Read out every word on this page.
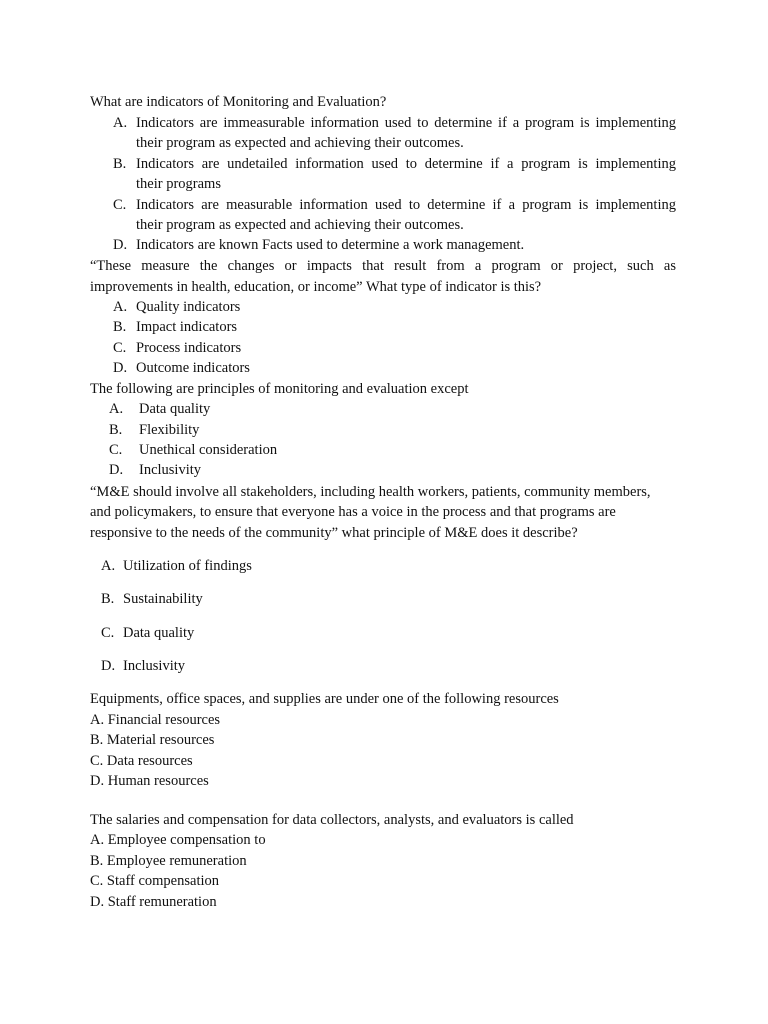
What are indicators of Monitoring and Evaluation?
A. Indicators are immeasurable information used to determine if a program is implementing
their program as expected and achieving their outcomes.
B. Indicators are undetailed information used to determine if a program is implementing
their programs
C. Indicators are measurable information used to determine if a program is implementing
their program as expected and achieving their outcomes.
D. Indicators are known Facts used to determine a work management.
“These measure the changes or impacts that result from a program or project, such as
improvements in health, education, or income” What type of indicator is this?
A. Quality indicators
B. Impact indicators
C. Process indicators
D. Outcome indicators
The following are principles of monitoring and evaluation except
A. Data quality
B. Flexibility
C. Unethical consideration
D. Inclusivity
“M&E should involve all stakeholders, including health workers, patients, community members,
and policymakers, to ensure that everyone has a voice in the process and that programs are
responsive to the needs of the community” what principle of M&E does it describe?
A. Utilization of findings
B. Sustainability
C. Data quality
D. Inclusivity
Equipments, office spaces, and supplies are under one of the following resources
A. Financial resources
B. Material resources
C. Data resources
D. Human resources
The salaries and compensation for data collectors, analysts, and evaluators is called
A. Employee compensation to
B. Employee remuneration
C. Staff compensation
D. Staff remuneration
